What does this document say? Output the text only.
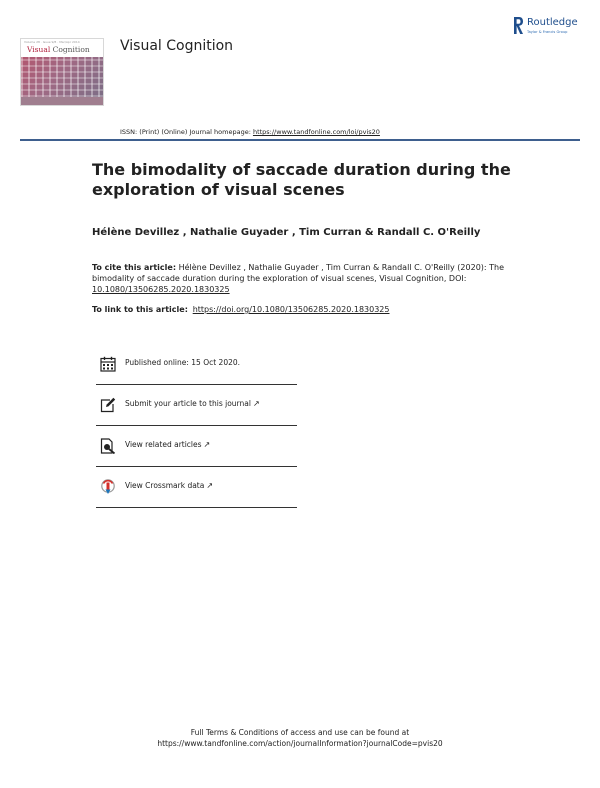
Volume 28 · Issue 9/8 · Mar/Apr 2014
Visual Cognition Visual Cognition
Routledge
Taylor & Francis Group
ISSN: (Print) (Online) Journal homepage: https://www.tandfonline.com/loi/pvis20
The bimodality of saccade duration during the exploration of visual scenes
Hélène Devillez , Nathalie Guyader , Tim Curran & Randall C. O'Reilly
To cite this article: Hélène Devillez , Nathalie Guyader , Tim Curran & Randall C. O'Reilly (2020): The bimodality of saccade duration during the exploration of visual scenes, Visual Cognition, DOI: 10.1080/13506285.2020.1830325
To link to this article: https://doi.org/10.1080/13506285.2020.1830325
Published online: 15 Oct 2020.
Submit your article to this journal ↗
View related articles ↗
View Crossmark data ↗
Full Terms & Conditions of access and use can be found at
https://www.tandfonline.com/action/journalInformation?journalCode=pvis20
